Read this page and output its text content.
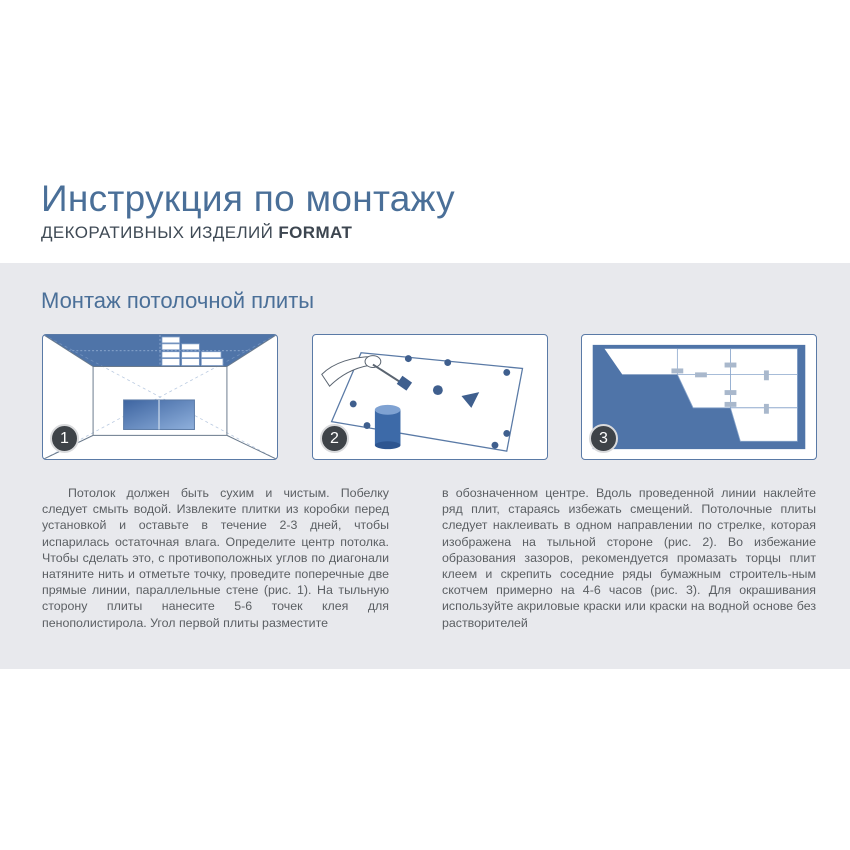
Инструкция по монтажу
ДЕКОРАТИВНЫХ ИЗДЕЛИЙ FORMAT
Монтаж потолочной плиты
1	2	3
Потолок должен быть сухим и чистым. Побелку следует смыть водой. Извлеките плитки из коробки перед установкой и оставьте в течение 2-3 дней, чтобы испарилась остаточная влага. Определите центр потолка. Чтобы сделать это, с противоположных углов по диагонали натяните нить и отметьте точку, проведите поперечные две прямые линии, параллельные стене (рис. 1). На тыльную сторону плиты нанесите 5-6 точек клея для пенополистирола. Угол первой плиты разместите
в обозначенном центре. Вдоль проведенной линии наклейте ряд плит, стараясь избежать смещений. Потолочные плиты следует наклеивать в одном направлении по стрелке, которая изображена на тыльной стороне (рис. 2). Во избежание образования зазоров, рекомендуется промазать торцы плит клеем и скрепить соседние ряды бумажным строитель-ным скотчем примерно на 4-6 часов (рис. 3). Для окрашивания используйте акриловые краски или краски на водной основе без растворителей
